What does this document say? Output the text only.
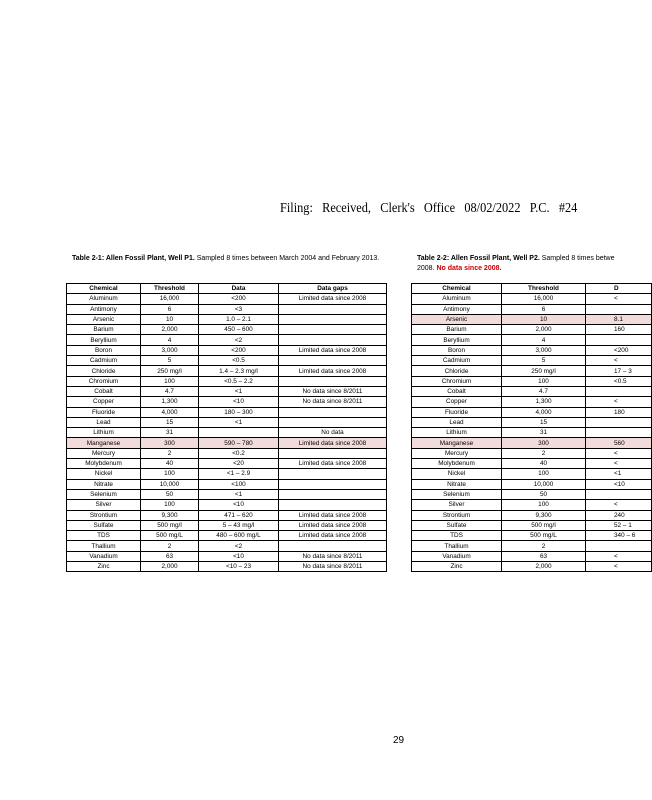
Filing: Received, Clerk's Office 08/02/2022 P.C. #24
Table 2-1: Allen Fossil Plant, Well P1. Sampled 8 times between March 2004 and February 2013.
Chemical	Threshold	Data	Data gaps
Aluminum	16,000	<200	Limited data since 2008
Antimony	6	<3	
Arsenic	10	1.0 – 2.1	
Barium	2,000	450 – 600	
Beryllium	4	<2	
Boron	3,000	<200	Limited data since 2008
Cadmium	5	<0.5	
Chloride	250 mg/l	1.4 – 2.3 mg/l	Limited data since 2008
Chromium	100	<0.5 – 2.2	
Cobalt	4.7	<1	No data since 8/2011
Copper	1,300	<10	No data since 8/2011
Fluoride	4,000	180 – 300	
Lead	15	<1	
Lithium	31		No data
Manganese	300	590 – 780	Limited data since 2008
Mercury	2	<0.2	
Molybdenum	40	<20	Limited data since 2008
Nickel	100	<1 – 2.9	
Nitrate	10,000	<100	
Selenium	50	<1	
Silver	100	<10	
Strontium	9,300	471 – 620	Limited data since 2008
Sulfate	500 mg/l	5 – 43 mg/l	Limited data since 2008
TDS	500 mg/L	480 – 600 mg/L	Limited data since 2008
Thallium	2	<2	
Vanadium	63	<10	No data since 8/2011
Zinc	2,000	<10 – 23	No data since 8/2011
Table 2-2: Allen Fossil Plant, Well P2. Sampled 8 times betwe
2008. No data since 2008.
Chemical	Threshold	D
Aluminum	16,000	<
Antimony	6	
Arsenic	10	8.1
Barium	2,000	160
Beryllium	4	
Boron	3,000	<200
Cadmium	5	<
Chloride	250 mg/l	17 – 3
Chromium	100	<0.5
Cobalt	4.7	
Copper	1,300	<
Fluoride	4,000	180
Lead	15	
Lithium	31	
Manganese	300	560
Mercury	2	<
Molybdenum	40	<
Nickel	100	<1
Nitrate	10,000	<10
Selenium	50	
Silver	100	<
Strontium	9,300	240
Sulfate	500 mg/l	52 – 1
TDS	500 mg/L	340 – 6
Thallium	2	
Vanadium	63	<
Zinc	2,000	<
29
